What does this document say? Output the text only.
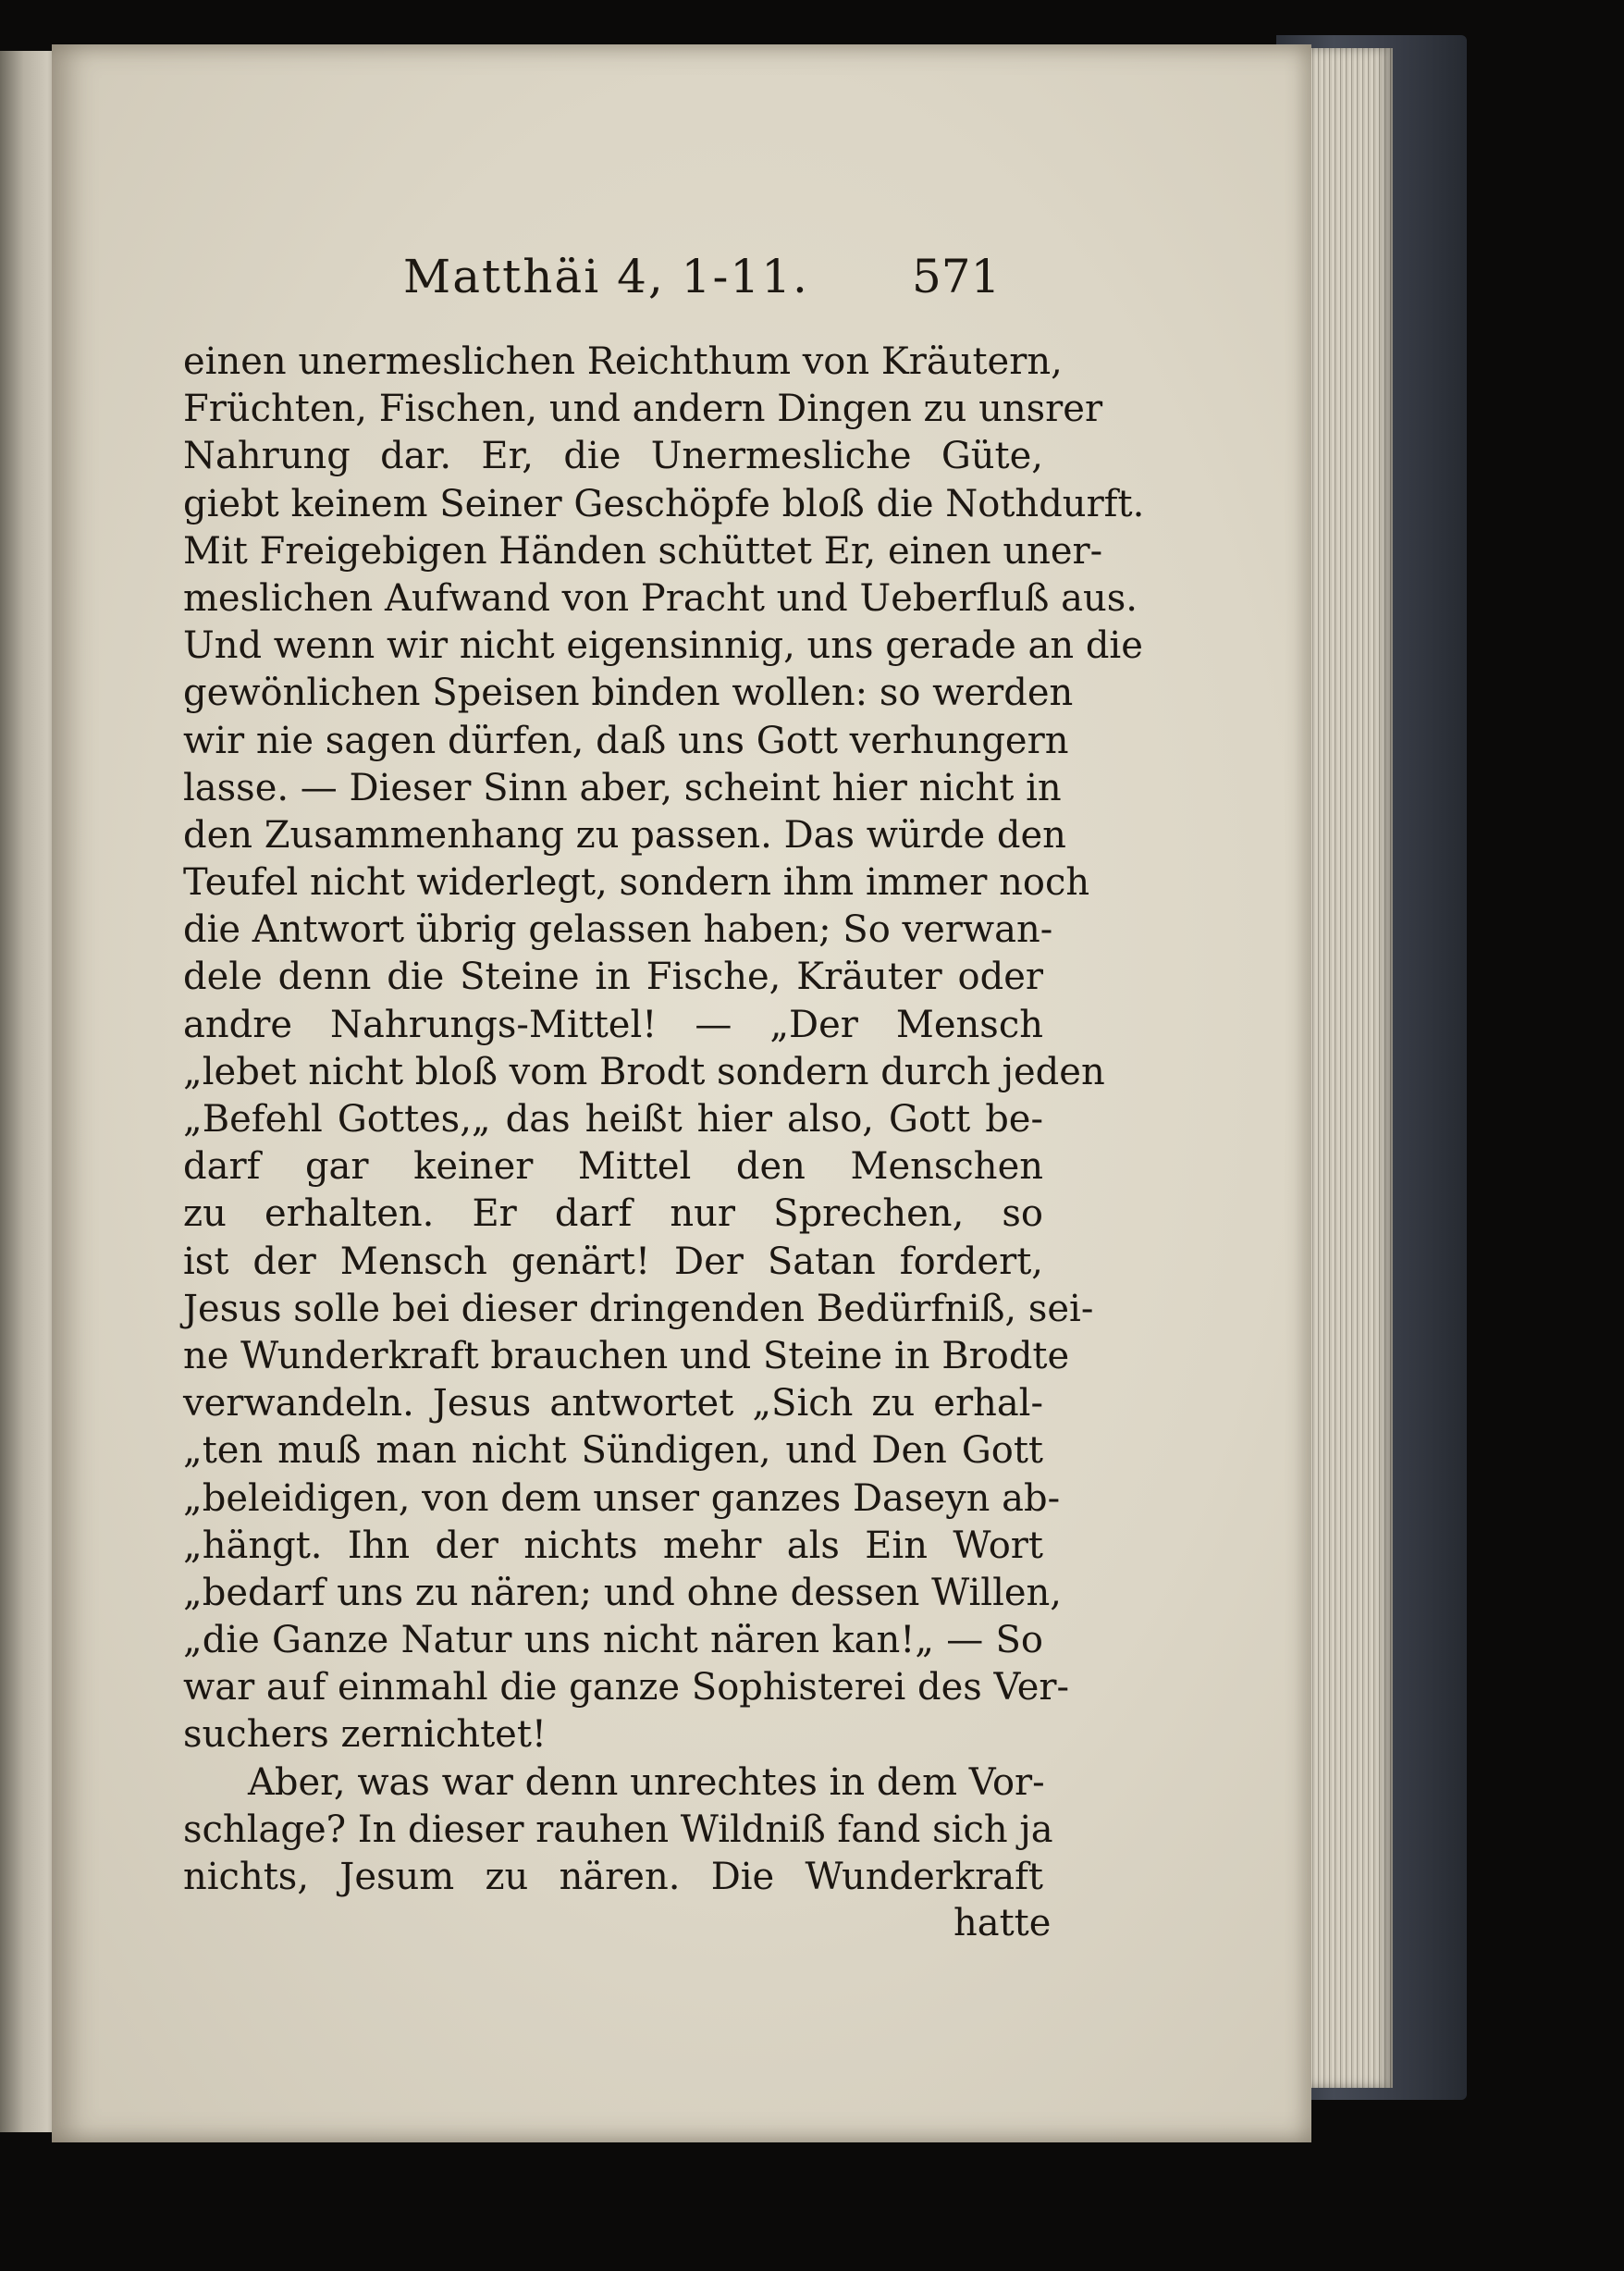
Matthäi 4, 1-11. 571
einen unermeslichen Reichthum von Kräutern,
Früchten, Fischen, und andern Dingen zu unsrer
Nahrung dar. Er, die Unermesliche Güte,
giebt keinem Seiner Geschöpfe bloß die Nothdurft.
Mit Freigebigen Händen schüttet Er, einen uner-
meslichen Aufwand von Pracht und Ueberfluß aus.
Und wenn wir nicht eigensinnig, uns gerade an die
gewönlichen Speisen binden wollen: so werden
wir nie sagen dürfen, daß uns Gott verhungern
lasse. — Dieser Sinn aber, scheint hier nicht in
den Zusammenhang zu passen. Das würde den
Teufel nicht widerlegt, sondern ihm immer noch
die Antwort übrig gelassen haben; So verwan-
dele denn die Steine in Fische, Kräuter oder
andre Nahrungs-Mittel! — „Der Mensch
„lebet nicht bloß vom Brodt sondern durch jeden
„Befehl Gottes,„ das heißt hier also, Gott be-
darf gar keiner Mittel den Menschen
zu erhalten. Er darf nur Sprechen, so
ist der Mensch genärt! Der Satan fordert,
Jesus solle bei dieser dringenden Bedürfniß, sei-
ne Wunderkraft brauchen und Steine in Brodte
verwandeln. Jesus antwortet „Sich zu erhal-
„ten muß man nicht Sündigen, und Den Gott
„beleidigen, von dem unser ganzes Daseyn ab-
„hängt. Ihn der nichts mehr als Ein Wort
„bedarf uns zu nären; und ohne dessen Willen,
„die Ganze Natur uns nicht nären kan!„ — So
war auf einmahl die ganze Sophisterei des Ver-
suchers zernichtet!
Aber, was war denn unrechtes in dem Vor-
schlage? In dieser rauhen Wildniß fand sich ja
nichts, Jesum zu nären. Die Wunderkraft
hatte
